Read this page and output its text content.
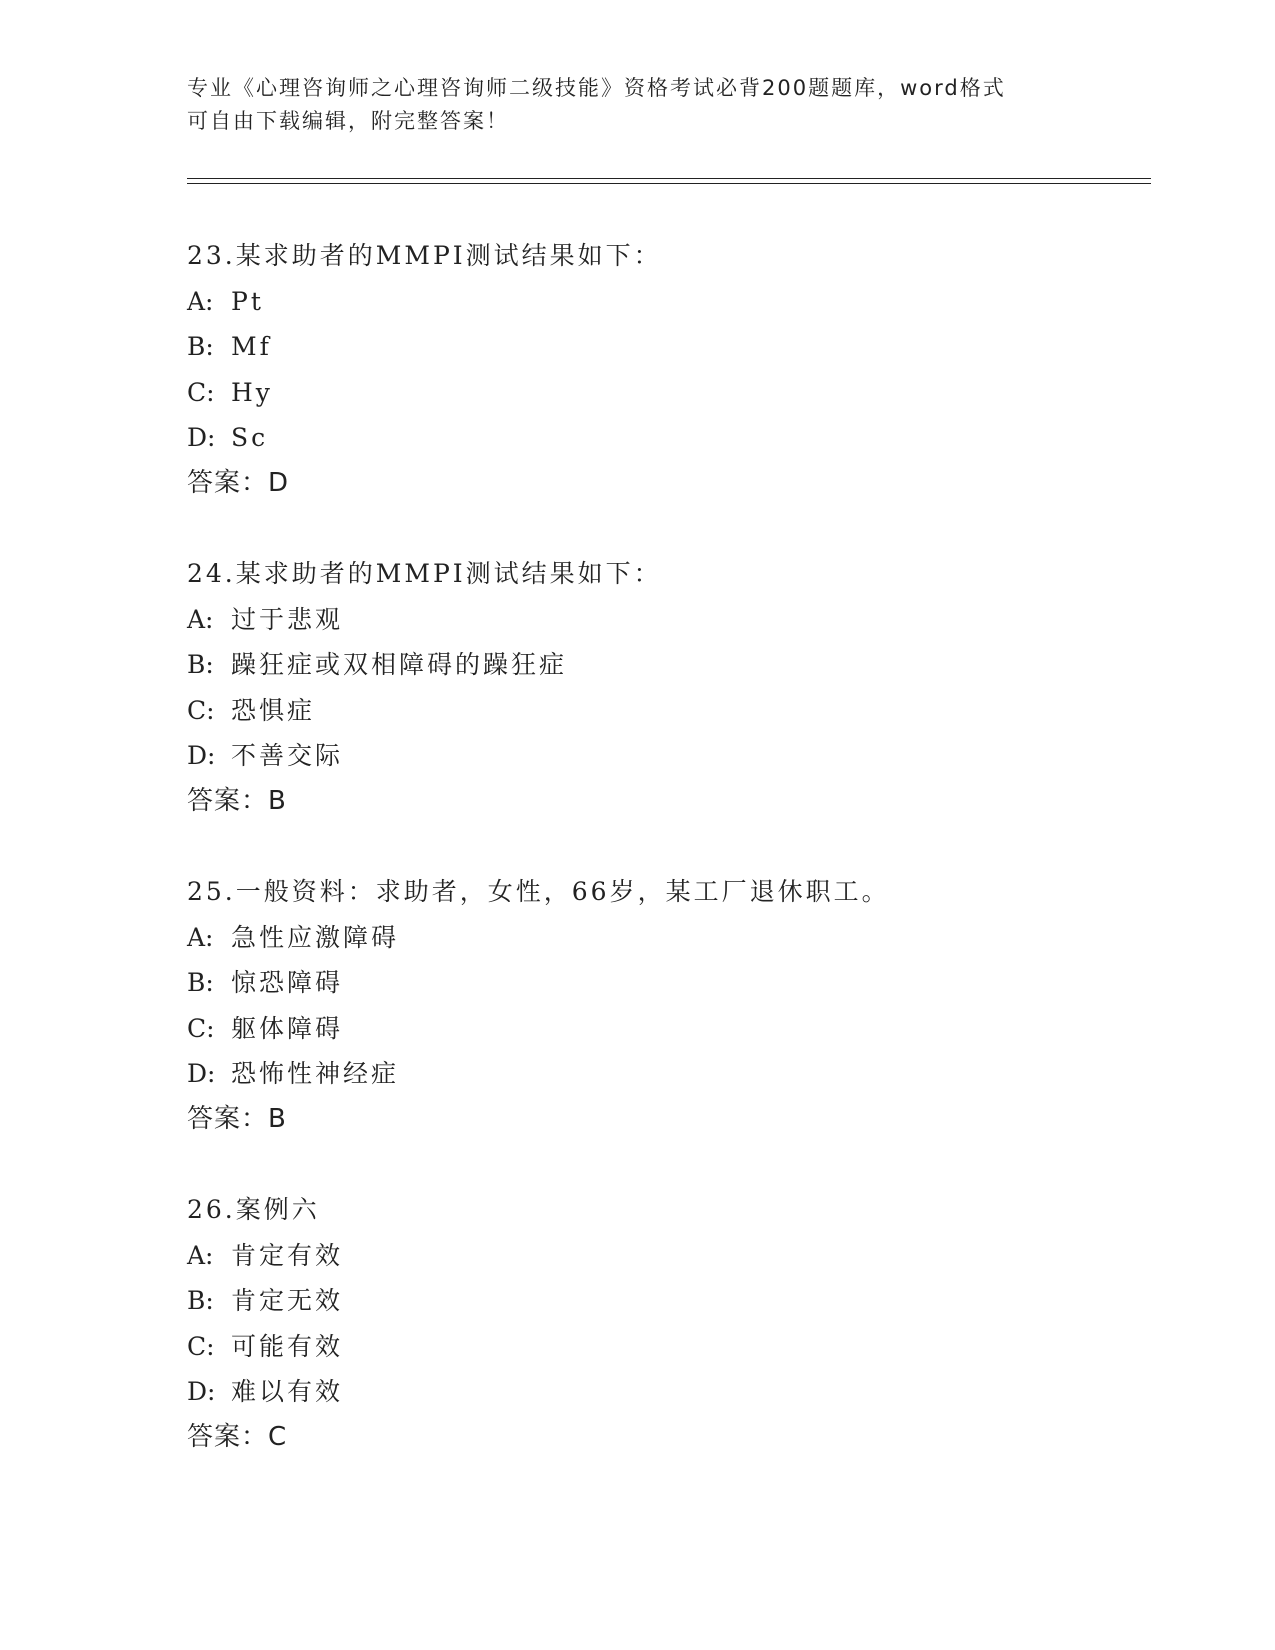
专业《心理咨询师之心理咨询师二级技能》资格考试必背200题题库，word格式
可自由下载编辑，附完整答案！
23.某求助者的MMPI测试结果如下：
A: Pt
B: Mf
C: Hy
D: Sc
答案：D
24.某求助者的MMPI测试结果如下：
A: 过于悲观
B: 躁狂症或双相障碍的躁狂症
C: 恐惧症
D: 不善交际
答案：B
25.一般资料：求助者，女性，66岁，某工厂退休职工。
A: 急性应激障碍
B: 惊恐障碍
C: 躯体障碍
D: 恐怖性神经症
答案：B
26.案例六
A: 肯定有效
B: 肯定无效
C: 可能有效
D: 难以有效
答案：C
